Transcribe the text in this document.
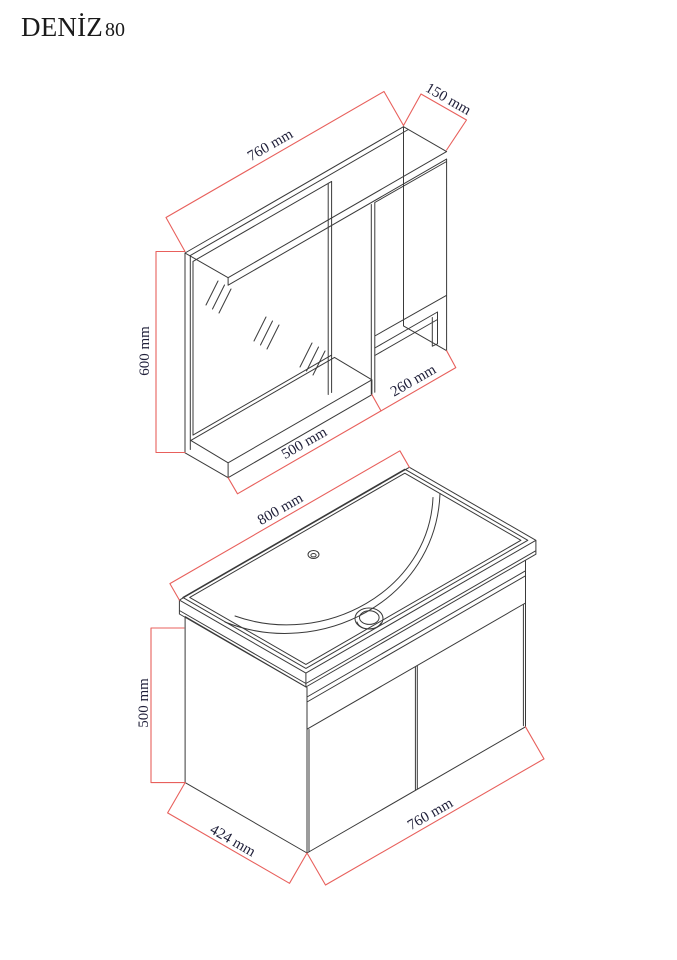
DENİZ 80
760 mm
150 mm
600 mm
500 mm
260 mm
800 mm
500 mm
424 mm
760 mm
